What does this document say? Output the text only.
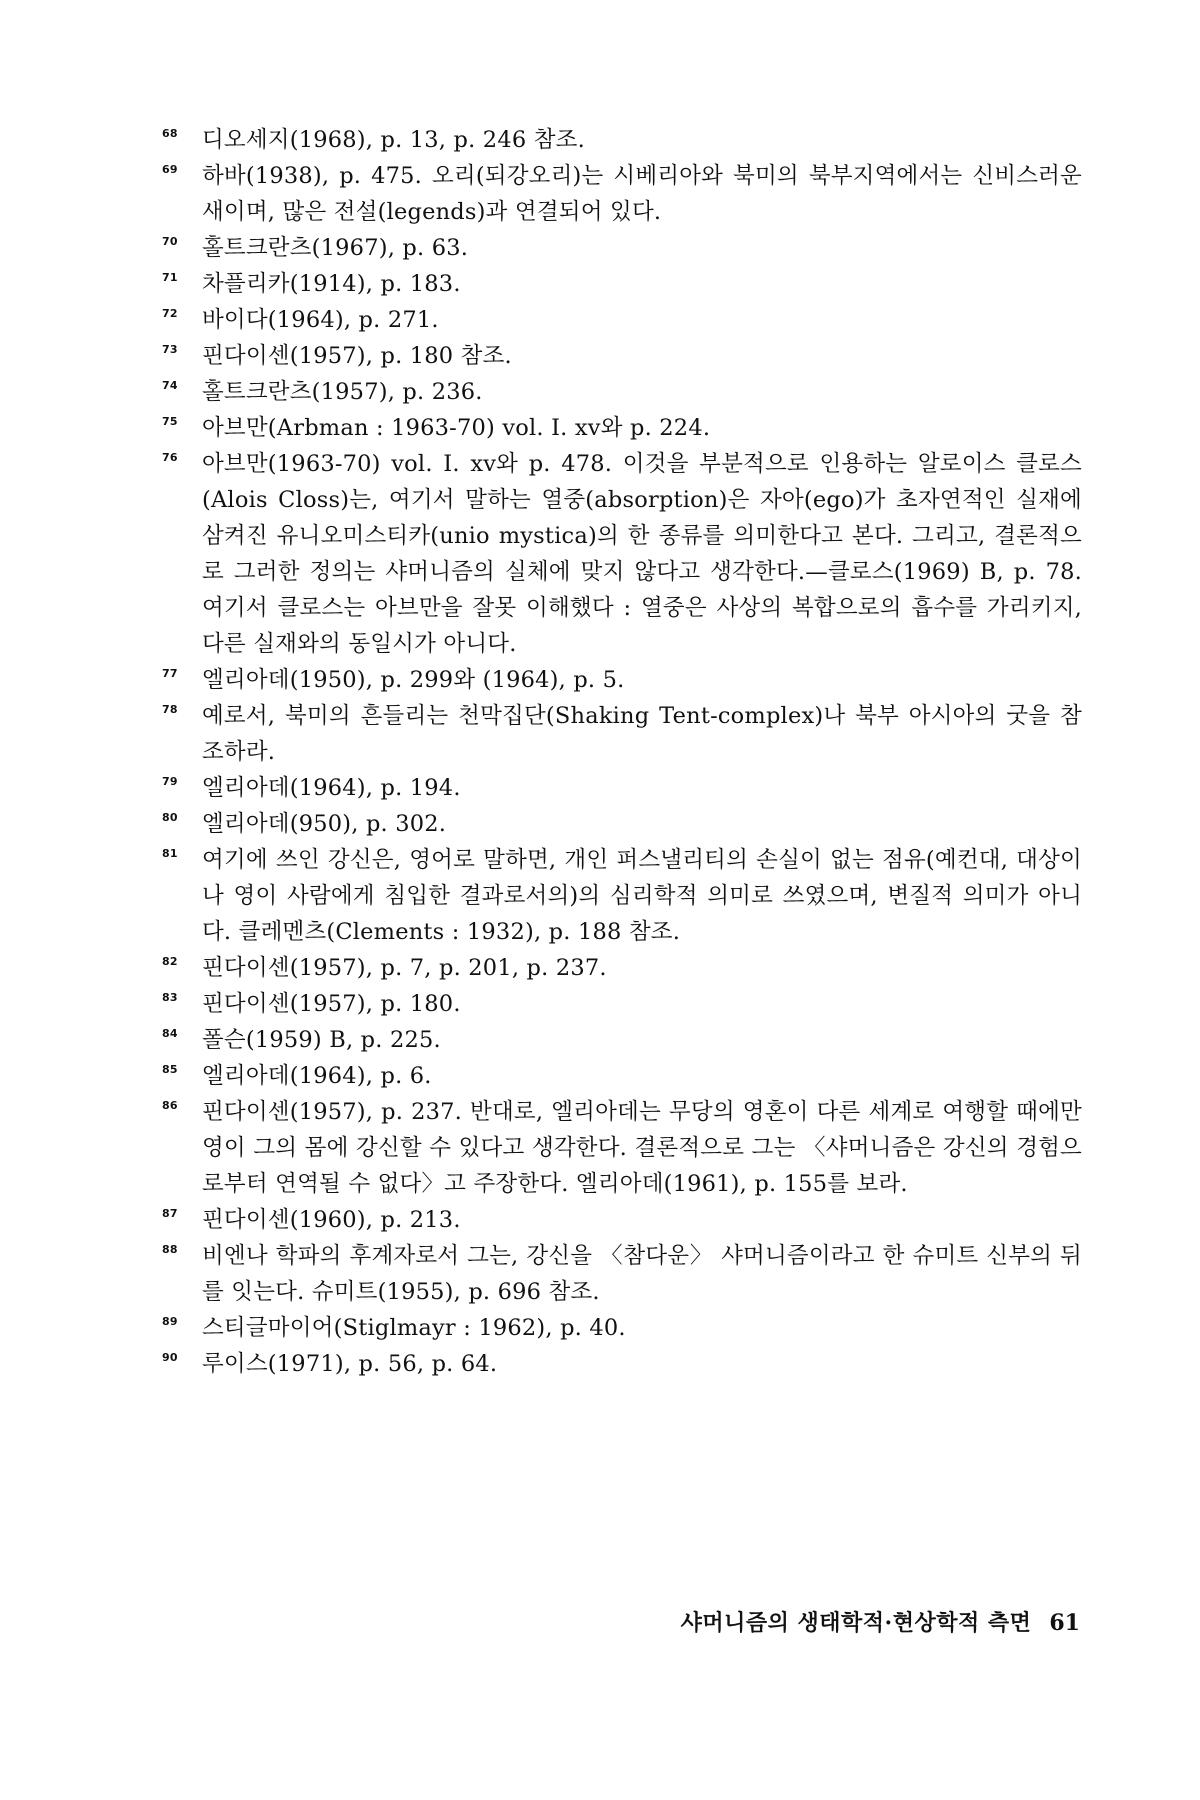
68 디오세지(1968), p. 13, p. 246 참조.
69 하바(1938), p. 475. 오리(되강오리)는 시베리아와 북미의 북부지역에서는 신비스러운 새이며, 많은 전설(legends)과 연결되어 있다.
70 홀트크란츠(1967), p. 63.
71 차플리카(1914), p. 183.
72 바이다(1964), p. 271.
73 핀다이센(1957), p. 180 참조.
74 홀트크란츠(1957), p. 236.
75 아브만(Arbman : 1963-70) vol. I. xv와 p. 224.
76 아브만(1963-70) vol. I. xv와 p. 478. 이것을 부분적으로 인용하는 알로이스 클로스(Alois Closs)는, 여기서 말하는 열중(absorption)은 자아(ego)가 초자연적인 실재에 삼켜진 유니오미스티카(unio mystica)의 한 종류를 의미한다고 본다. 그리고, 결론적으로 그러한 정의는 샤머니즘의 실체에 맞지 않다고 생각한다.—클로스(1969) B, p. 78. 여기서 클로스는 아브만을 잘못 이해했다 : 열중은 사상의 복합으로의 흡수를 가리키지, 다른 실재와의 동일시가 아니다.
77 엘리아데(1950), p. 299와 (1964), p. 5.
78 예로서, 북미의 흔들리는 천막집단(Shaking Tent-complex)나 북부 아시아의 굿을 참조하라.
79 엘리아데(1964), p. 194.
80 엘리아데(950), p. 302.
81 여기에 쓰인 강신은, 영어로 말하면, 개인 퍼스낼리티의 손실이 없는 점유(예컨대, 대상이나 영이 사람에게 침입한 결과로서의)의 심리학적 의미로 쓰였으며, 변질적 의미가 아니다. 클레멘츠(Clements : 1932), p. 188 참조.
82 핀다이센(1957), p. 7, p. 201, p. 237.
83 핀다이센(1957), p. 180.
84 폴슨(1959) B, p. 225.
85 엘리아데(1964), p. 6.
86 핀다이센(1957), p. 237. 반대로, 엘리아데는 무당의 영혼이 다른 세계로 여행할 때에만 영이 그의 몸에 강신할 수 있다고 생각한다. 결론적으로 그는 〈샤머니즘은 강신의 경험으로부터 연역될 수 없다〉고 주장한다. 엘리아데(1961), p. 155를 보라.
87 핀다이센(1960), p. 213.
88 비엔나 학파의 후계자로서 그는, 강신을 〈참다운〉 샤머니즘이라고 한 슈미트 신부의 뒤를 잇는다. 슈미트(1955), p. 696 참조.
89 스티글마이어(Stiglmayr : 1962), p. 40.
90 루이스(1971), p. 56, p. 64.
샤머니즘의 생태학적·현상학적 측면 61
